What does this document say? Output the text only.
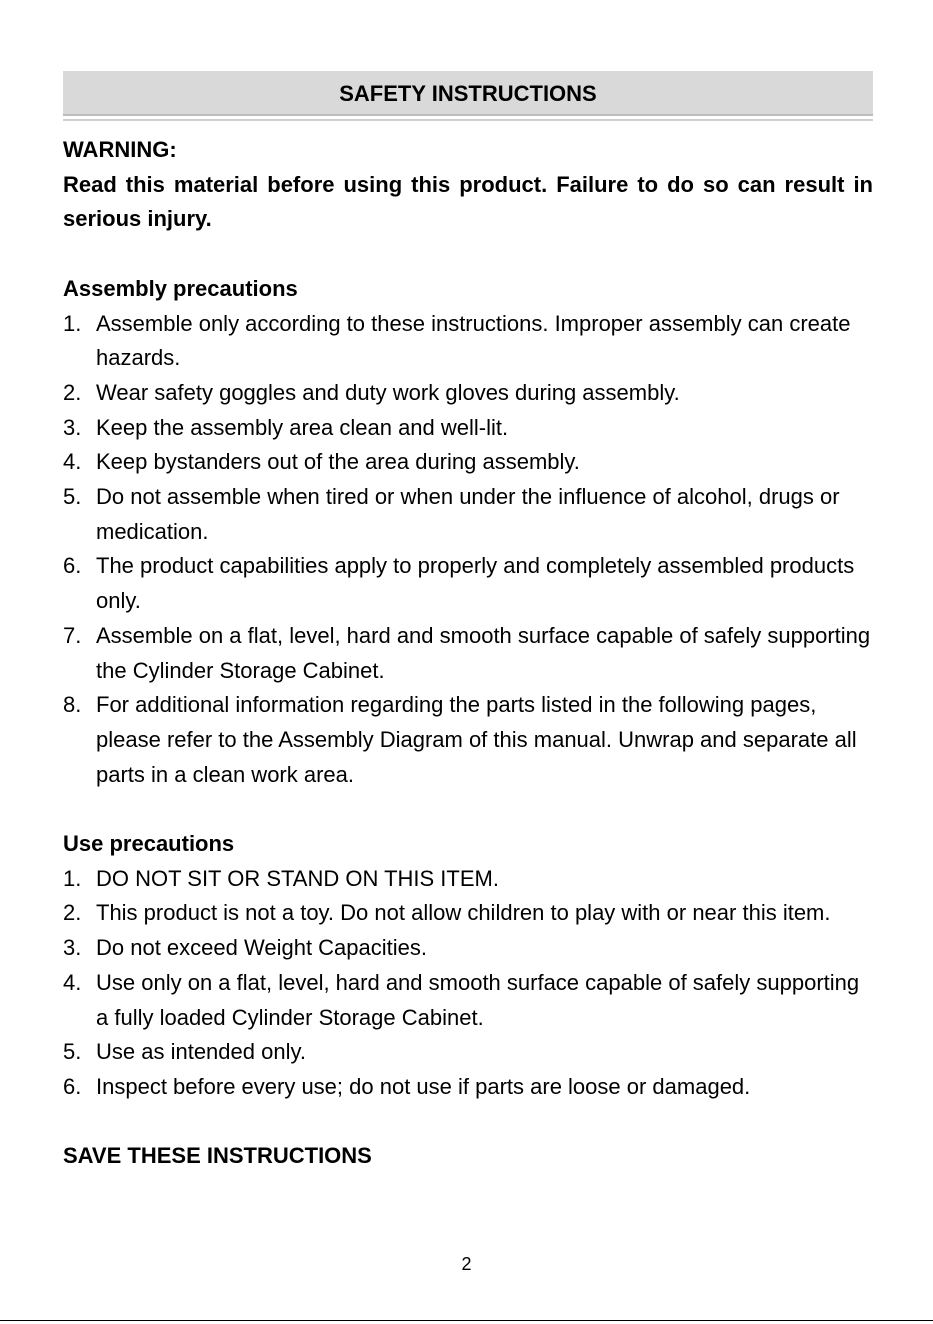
SAFETY INSTRUCTIONS
WARNING:
Read this material before using this product. Failure to do so can result in serious injury.
Assembly precautions
1. Assemble only according to these instructions. Improper assembly can create hazards.
2. Wear safety goggles and duty work gloves during assembly.
3. Keep the assembly area clean and well-lit.
4. Keep bystanders out of the area during assembly.
5. Do not assemble when tired or when under the influence of alcohol, drugs or medication.
6. The product capabilities apply to properly and completely assembled products only.
7. Assemble on a flat, level, hard and smooth surface capable of safely supporting the Cylinder Storage Cabinet.
8. For additional information regarding the parts listed in the following pages, please refer to the Assembly Diagram of this manual. Unwrap and separate all parts in a clean work area.
Use precautions
1. DO NOT SIT OR STAND ON THIS ITEM.
2. This product is not a toy. Do not allow children to play with or near this item.
3. Do not exceed Weight Capacities.
4. Use only on a flat, level, hard and smooth surface capable of safely supporting a fully loaded Cylinder Storage Cabinet.
5. Use as intended only.
6. Inspect before every use; do not use if parts are loose or damaged.
SAVE THESE INSTRUCTIONS
2
